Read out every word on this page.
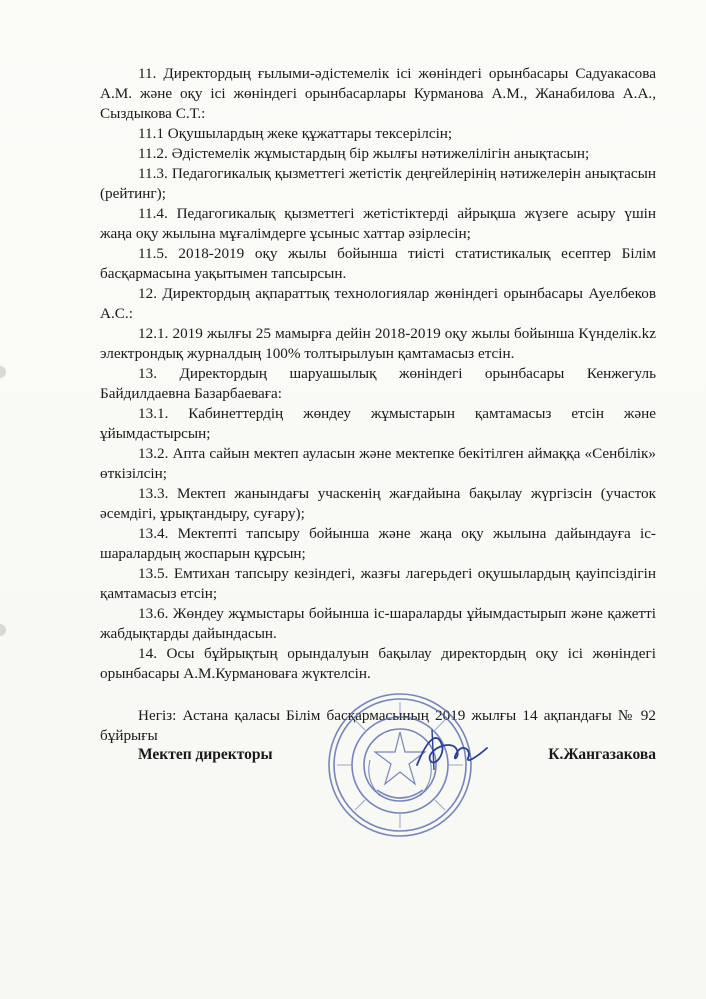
11. Директордың ғылыми-әдістемелік ісі жөніндегі орынбасары Садуакасова А.М. және оқу ісі жөніндегі орынбасарлары Курманова А.М., Жанабилова А.А., Сыздыкова С.Т.:

11.1 Оқушылардың жеке құжаттары тексерілсін;

11.2. Әдістемелік жұмыстардың бір жылғы нәтижелілігін анықтасын;

11.3. Педагогикалық қызметтегі жетістік деңгейлерінің нәтижелерін анықтасын (рейтинг);

11.4. Педагогикалық қызметтегі жетістіктерді айрықша жүзеге асыру үшін жаңа оқу жылына мұғалімдерге ұсыныс хаттар әзірлесін;

11.5. 2018-2019 оқу жылы бойынша тиісті статистикалық есептер Білім басқармасына уақытымен тапсырсын.

12. Директордың ақпараттық технологиялар жөніндегі орынбасары Ауелбеков А.С.:

12.1. 2019 жылғы 25 мамырға дейін 2018-2019 оқу жылы бойынша Күнделік.kz электрондық журналдың 100% толтырылуын қамтамасыз етсін.

13. Директордың шаруашылық жөніндегі орынбасары Кенжегуль Байдилдаевна Базарбаеваға:

13.1. Кабинеттердің жөндеу жұмыстарын қамтамасыз етсін және ұйымдастырсын;

13.2. Апта сайын мектеп ауласын және мектепке бекітілген аймаққа «Сенбілік» өткізілсін;

13.3. Мектеп жанындағы учаскенің жағдайына бақылау жүргізсін (участок әсемдігі, ұрықтандыру, суғару);

13.4. Мектепті тапсыру бойынша және жаңа оқу жылына дайындауға іс-шаралардың жоспарын құрсын;

13.5. Емтихан тапсыру кезіндегі, жазғы лагерьдегі оқушылардың қауіпсіздігін қамтамасыз етсін;

13.6. Жөндеу жұмыстары бойынша іс-шараларды ұйымдастырып және қажетті жабдықтарды дайындасын.

14. Осы бұйрықтың орындалуын бақылау директордың оқу ісі жөніндегі орынбасары А.М.Курмановаға жүктелсін.

Негіз: Астана қаласы Білім басқармасының 2019 жылғы 14 ақпандағы № 92 бұйрығы

Мектеп директоры	К.Жангазакова
